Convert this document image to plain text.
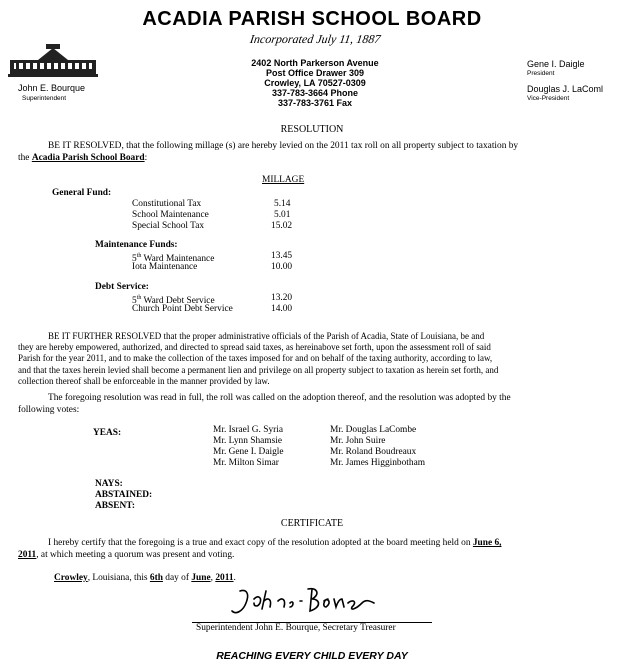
ACADIA PARISH SCHOOL BOARD
Incorporated July 11, 1887
John E. Bourque
Superintendent
2402 North Parkerson Avenue
Post Office Drawer 309
Crowley, LA 70527-0309
337-783-3664 Phone
337-783-3761 Fax
Gene I. Daigle
President
Douglas J. LaComl
Vice-President
RESOLUTION
BE IT RESOLVED, that the following millage (s) are hereby levied on the 2011 tax roll on all property subject to taxation by
the Acadia Parish School Board:
MILLAGE
General Fund:
Constitutional Tax	5.14
School Maintenance	5.01
Special School Tax	15.02
Maintenance Funds:
5th Ward Maintenance	13.45
Iota Maintenance	10.00
Debt Service:
5th Ward Debt Service	13.20
Church Point Debt Service	14.00
BE IT FURTHER RESOLVED that the proper administrative officials of the Parish of Acadia, State of Louisiana, be and
they are hereby empowered, authorized, and directed to spread said taxes, as hereinabove set forth, upon the assessment roll of said
Parish for the year 2011, and to make the collection of the taxes imposed for and on behalf of the taxing authority, according to law,
and that the taxes herein levied shall become a permanent lien and privilege on all property subject to taxation as herein set forth, and
collection thereof shall be enforceable in the manner provided by law.
The foregoing resolution was read in full, the roll was called on the adoption thereof, and the resolution was adopted by the
following votes:
YEAS:	Mr. Israel G. Syria
Mr. Lynn Shamsie
Mr. Gene I. Daigle
Mr. Milton Simar
Mr. Douglas LaCombe
Mr. John Suire
Mr. Roland Boudreaux
Mr. James Higginbotham
NAYS:
ABSTAINED:
ABSENT:
CERTIFICATE
I hereby certify that the foregoing is a true and exact copy of the resolution adopted at the board meeting held on June 6,
2011, at which meeting a quorum was present and voting.
Crowley, Louisiana, this 6th day of June, 2011.
Superintendent John E. Bourque, Secretary Treasurer
REACHING EVERY CHILD EVERY DAY
